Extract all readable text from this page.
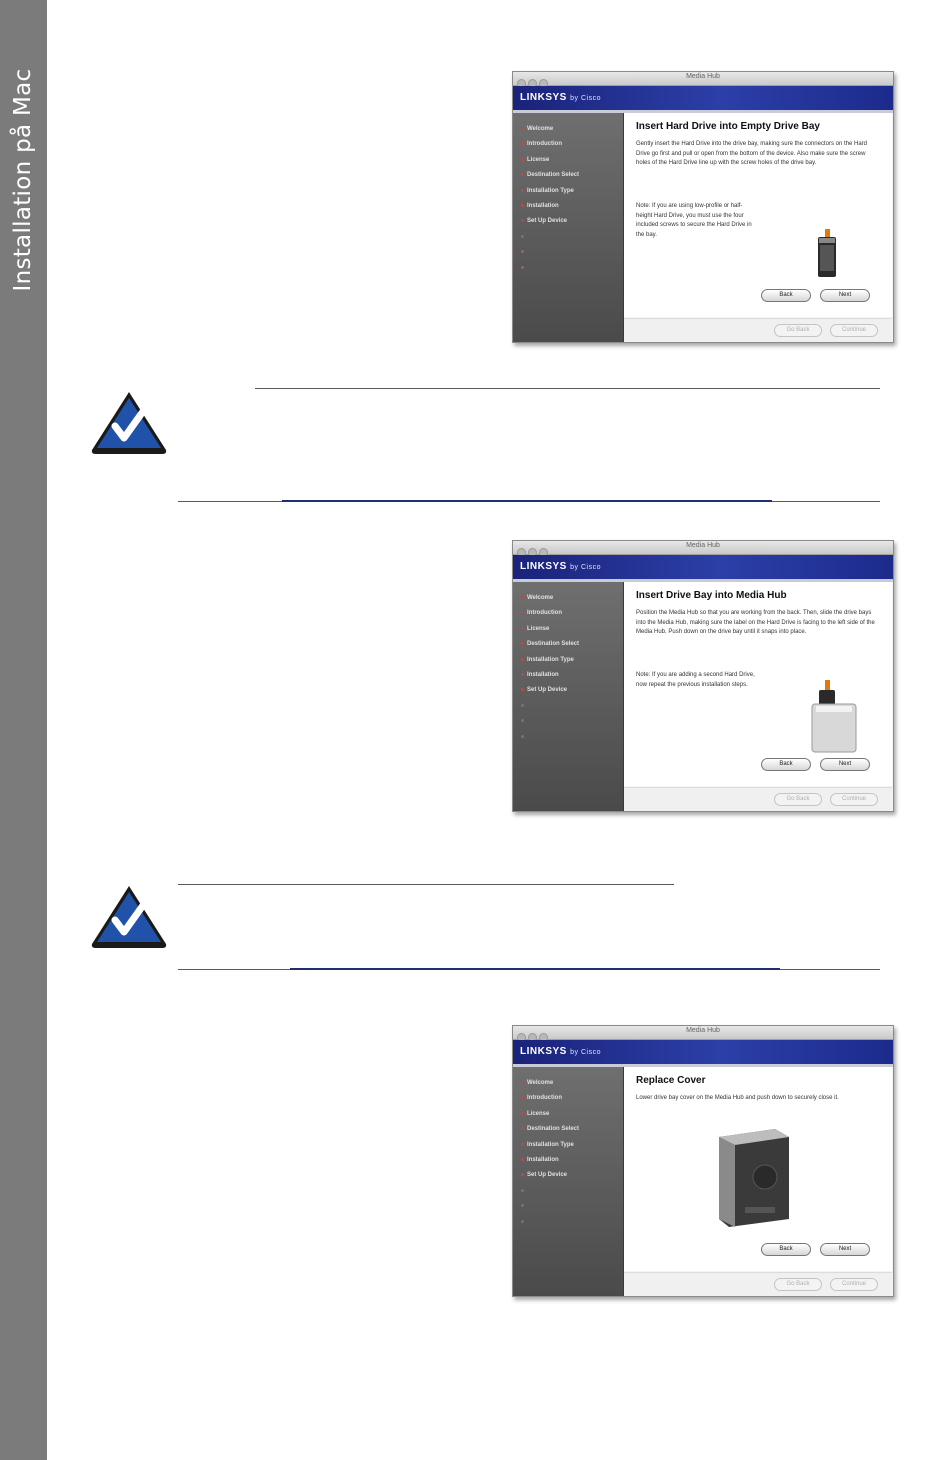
Installation på Mac	Media Hub
LINKSYS by Cisco
Welcome
Introduction
License
Destination Select
Installation Type
Installation
Set Up Device
Insert Hard Drive into Empty Drive Bay
Gently insert the Hard Drive into the drive bay, making sure the connectors on the Hard Drive go first and pull or open from the bottom of the device. Also make sure the screw holes of the Hard Drive line up with the screw holes of the drive bay.
Note: If you are using low-profile or half-height Hard Drive, you must use the four included screws to secure the Hard Drive in the bay.
Back	Next
Go Back	Continue
Media Hub
LINKSYS by Cisco
Welcome
Introduction
License
Destination Select
Installation Type
Installation
Set Up Device
Insert Drive Bay into Media Hub
Position the Media Hub so that you are working from the back. Then, slide the drive bays into the Media Hub, making sure the label on the Hard Drive is facing to the left side of the Media Hub. Push down on the drive bay until it snaps into place.
Note: If you are adding a second Hard Drive, now repeat the previous installation steps.
Back	Next
Go Back	Continue
Media Hub
LINKSYS by Cisco
Welcome
Introduction
License
Destination Select
Installation Type
Installation
Set Up Device
Replace Cover
Lower drive bay cover on the Media Hub and push down to securely close it.
Back	Next
Go Back	Continue
